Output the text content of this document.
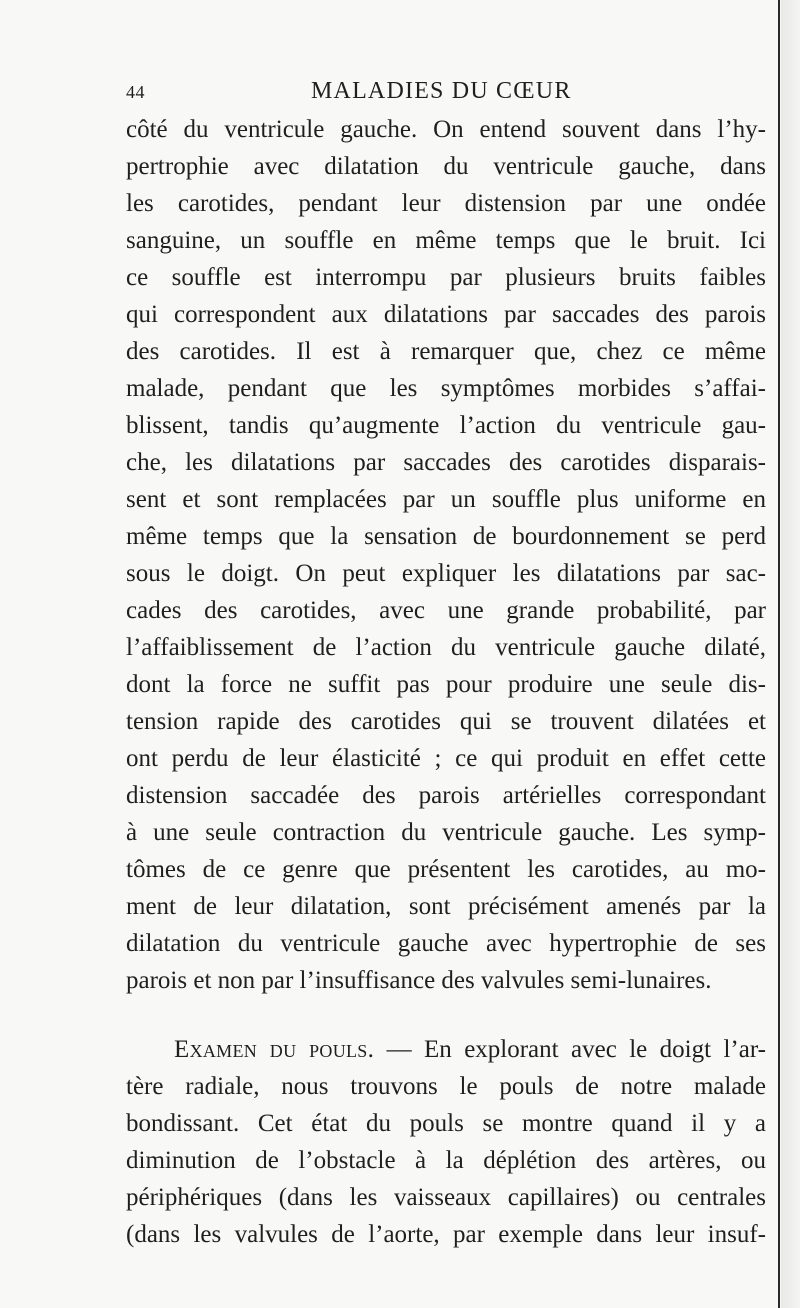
44	MALADIES DU CŒUR
côté du ventricule gauche. On entend souvent dans l’hy-
pertrophie avec dilatation du ventricule gauche, dans
les carotides, pendant leur distension par une ondée
sanguine, un souffle en même temps que le bruit. Ici
ce souffle est interrompu par plusieurs bruits faibles
qui correspondent aux dilatations par saccades des parois
des carotides. Il est à remarquer que, chez ce même
malade, pendant que les symptômes morbides s’affai-
blissent, tandis qu’augmente l’action du ventricule gau-
che, les dilatations par saccades des carotides disparais-
sent et sont remplacées par un souffle plus uniforme en
même temps que la sensation de bourdonnement se perd
sous le doigt. On peut expliquer les dilatations par sac-
cades des carotides, avec une grande probabilité, par
l’affaiblissement de l’action du ventricule gauche dilaté,
dont la force ne suffit pas pour produire une seule dis-
tension rapide des carotides qui se trouvent dilatées et
ont perdu de leur élasticité ; ce qui produit en effet cette
distension saccadée des parois artérielles correspondant
à une seule contraction du ventricule gauche. Les symp-
tômes de ce genre que présentent les carotides, au mo-
ment de leur dilatation, sont précisément amenés par la
dilatation du ventricule gauche avec hypertrophie de ses
parois et non par l’insuffisance des valvules semi-lunaires.
Examen du pouls. — En explorant avec le doigt l’ar-
tère radiale, nous trouvons le pouls de notre malade
bondissant. Cet état du pouls se montre quand il y a
diminution de l’obstacle à la déplétion des artères, ou
périphériques (dans les vaisseaux capillaires) ou centrales
(dans les valvules de l’aorte, par exemple dans leur insuf-
